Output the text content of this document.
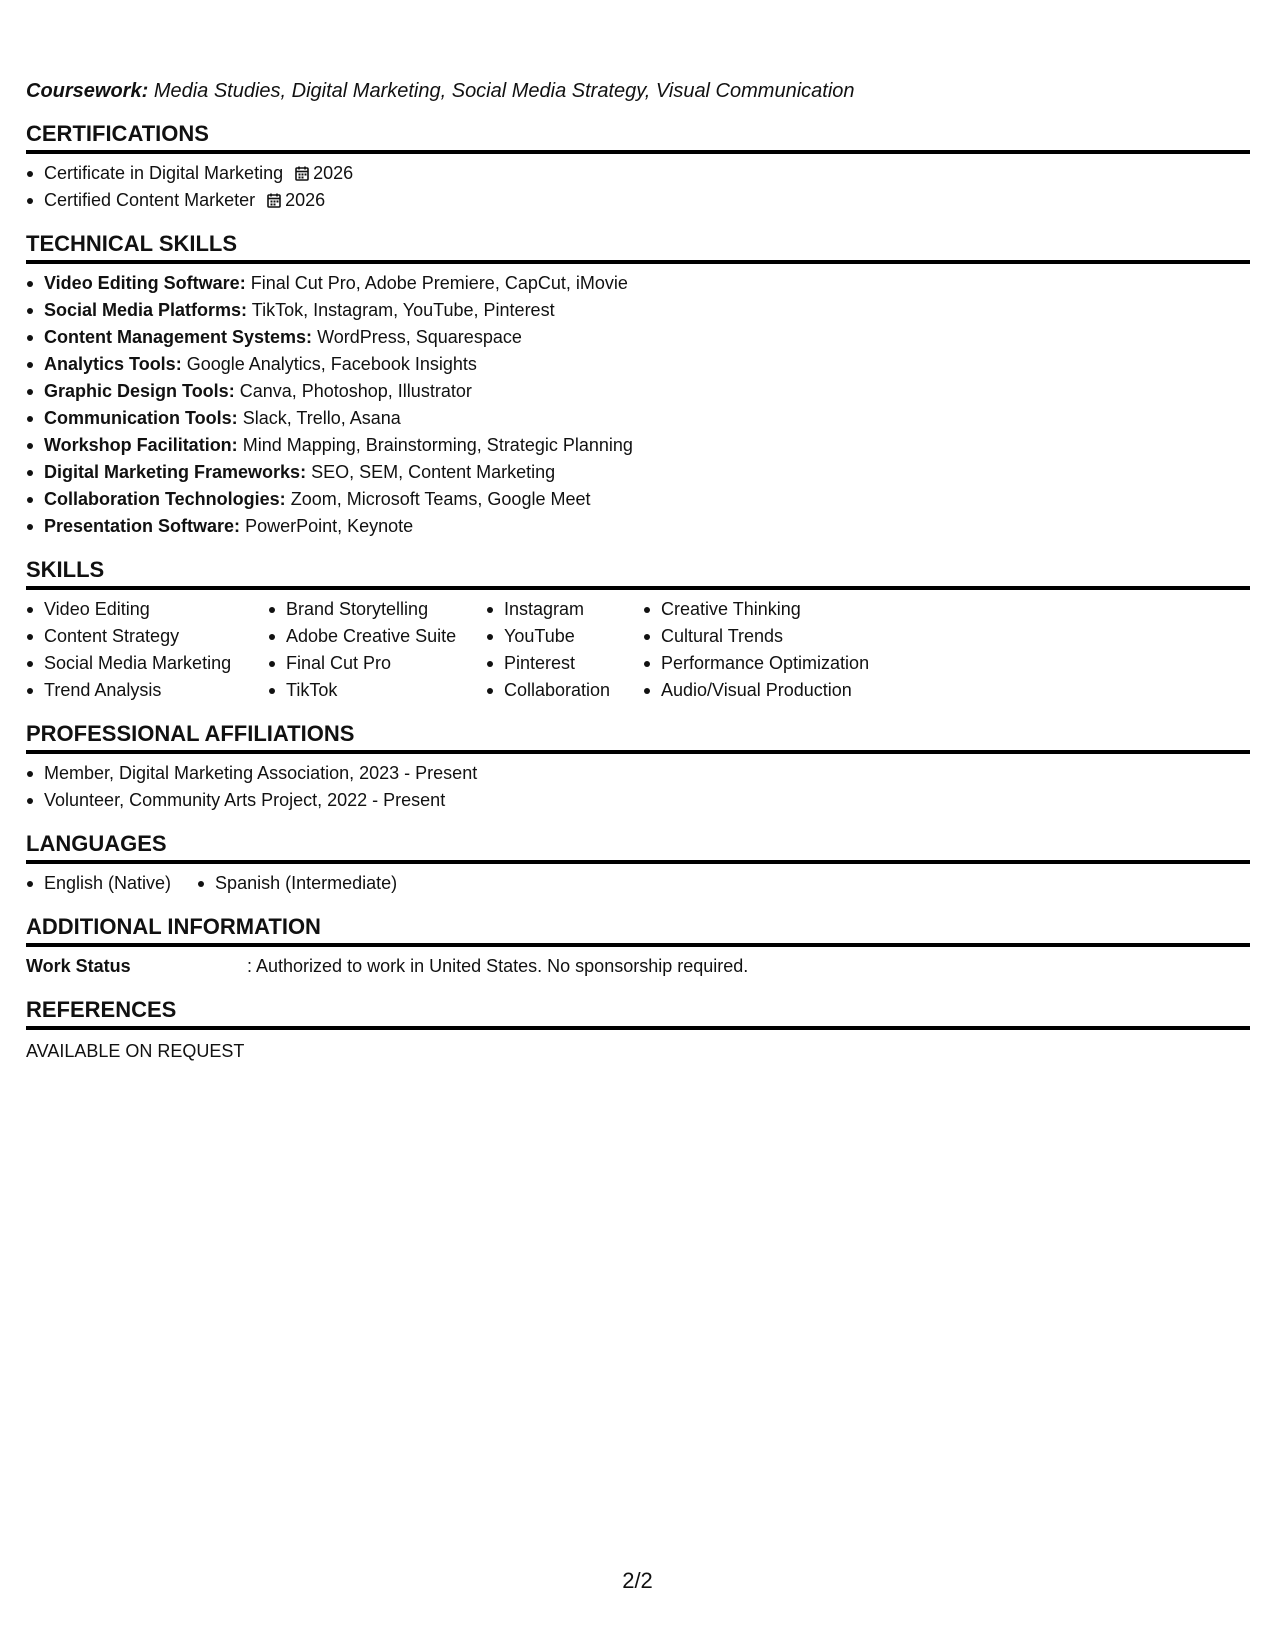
Coursework: Media Studies, Digital Marketing, Social Media Strategy, Visual Communication
CERTIFICATIONS
Certificate in Digital Marketing 2026
Certified Content Marketer 2026
TECHNICAL SKILLS
Video Editing Software: Final Cut Pro, Adobe Premiere, CapCut, iMovie
Social Media Platforms: TikTok, Instagram, YouTube, Pinterest
Content Management Systems: WordPress, Squarespace
Analytics Tools: Google Analytics, Facebook Insights
Graphic Design Tools: Canva, Photoshop, Illustrator
Communication Tools: Slack, Trello, Asana
Workshop Facilitation: Mind Mapping, Brainstorming, Strategic Planning
Digital Marketing Frameworks: SEO, SEM, Content Marketing
Collaboration Technologies: Zoom, Microsoft Teams, Google Meet
Presentation Software: PowerPoint, Keynote
SKILLS
Video Editing
Content Strategy
Social Media Marketing
Trend Analysis
Brand Storytelling
Adobe Creative Suite
Final Cut Pro
TikTok
Instagram
YouTube
Pinterest
Collaboration
Creative Thinking
Cultural Trends
Performance Optimization
Audio/Visual Production
PROFESSIONAL AFFILIATIONS
Member, Digital Marketing Association, 2023 - Present
Volunteer, Community Arts Project, 2022 - Present
LANGUAGES
English (Native)	Spanish (Intermediate)
ADDITIONAL INFORMATION
Work Status	: Authorized to work in United States. No sponsorship required.
REFERENCES
AVAILABLE ON REQUEST
2/2
